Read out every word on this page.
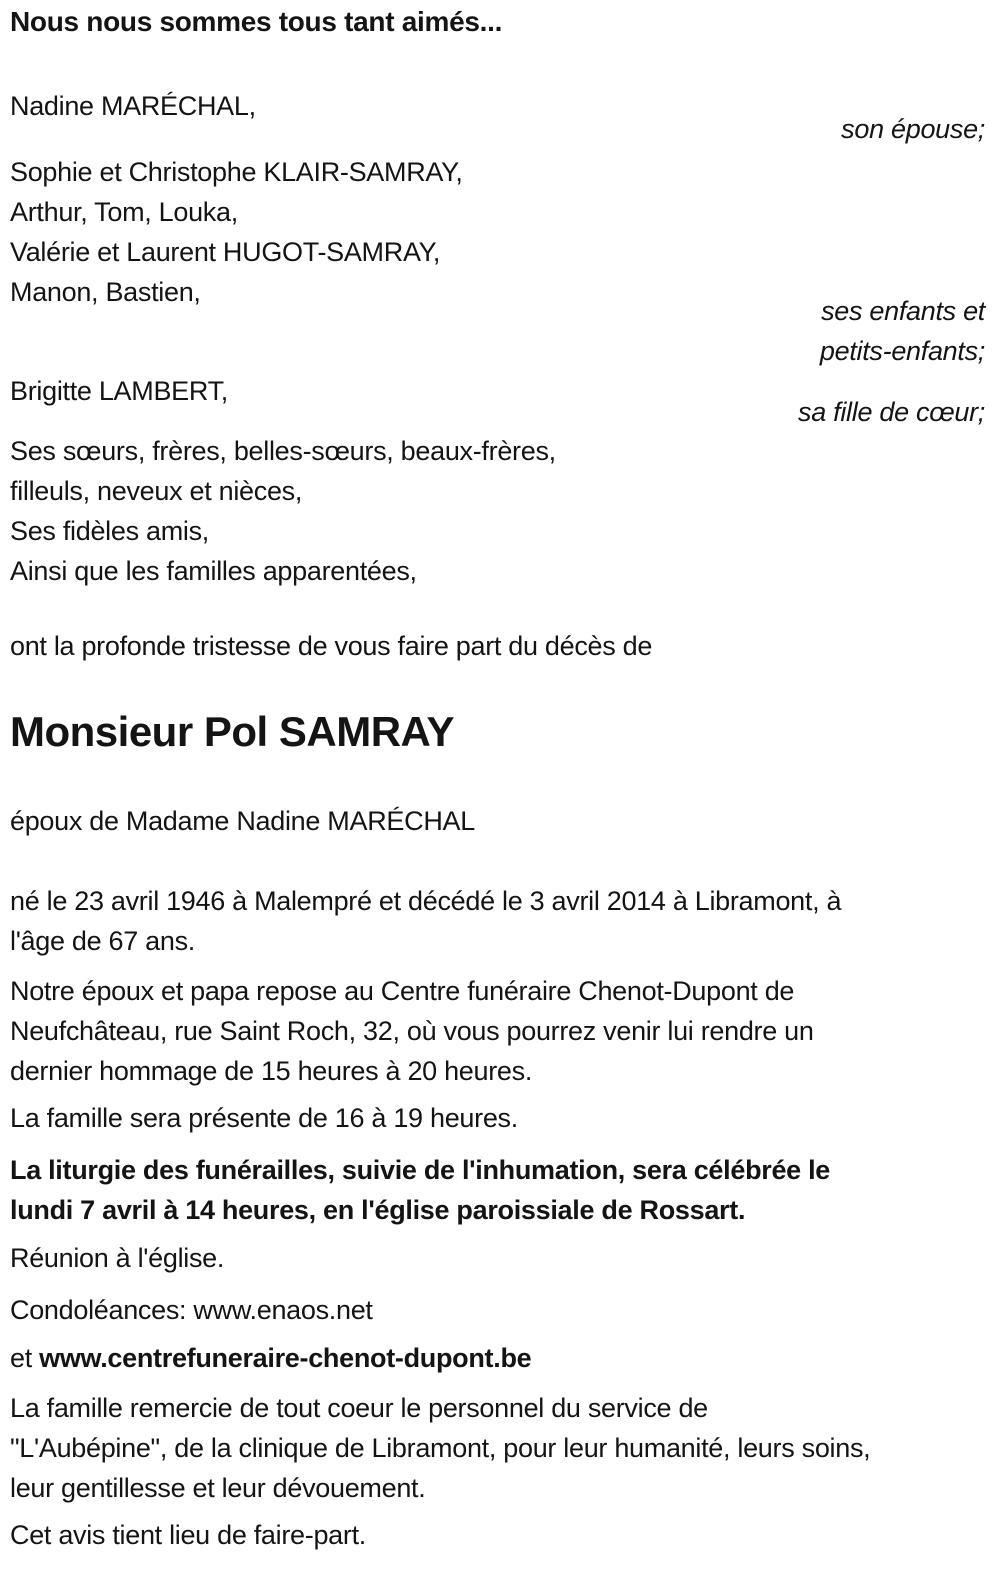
Nous nous sommes tous tant aimés...
Nadine MARÉCHAL,
son épouse;
Sophie et Christophe KLAIR-SAMRAY,
Arthur, Tom, Louka,
Valérie et Laurent HUGOT-SAMRAY,
Manon, Bastien,
ses enfants et
petits-enfants;
Brigitte LAMBERT,
sa fille de cœur;
Ses sœurs, frères, belles-sœurs, beaux-frères,
filleuls, neveux et nièces,
Ses fidèles amis,
Ainsi que les familles apparentées,
ont la profonde tristesse de vous faire part du décès de
Monsieur Pol SAMRAY
époux de Madame Nadine MARÉCHAL
né le 23 avril 1946 à Malempré et décédé le 3 avril 2014 à Libramont, à
l'âge de 67 ans.
Notre époux et papa repose au Centre funéraire Chenot-Dupont de
Neufchâteau, rue Saint Roch, 32, où vous pourrez venir lui rendre un
dernier hommage de 15 heures à 20 heures.
La famille sera présente de 16 à 19 heures.
La liturgie des funérailles, suivie de l'inhumation, sera célébrée le
lundi 7 avril à 14 heures, en l'église paroissiale de Rossart.
Réunion à l'église.
Condoléances: www.enaos.net
et www.centrefuneraire-chenot-dupont.be
La famille remercie de tout coeur le personnel du service de
"L'Aubépine", de la clinique de Libramont, pour leur humanité, leurs soins,
leur gentillesse et leur dévouement.
Cet avis tient lieu de faire-part.
